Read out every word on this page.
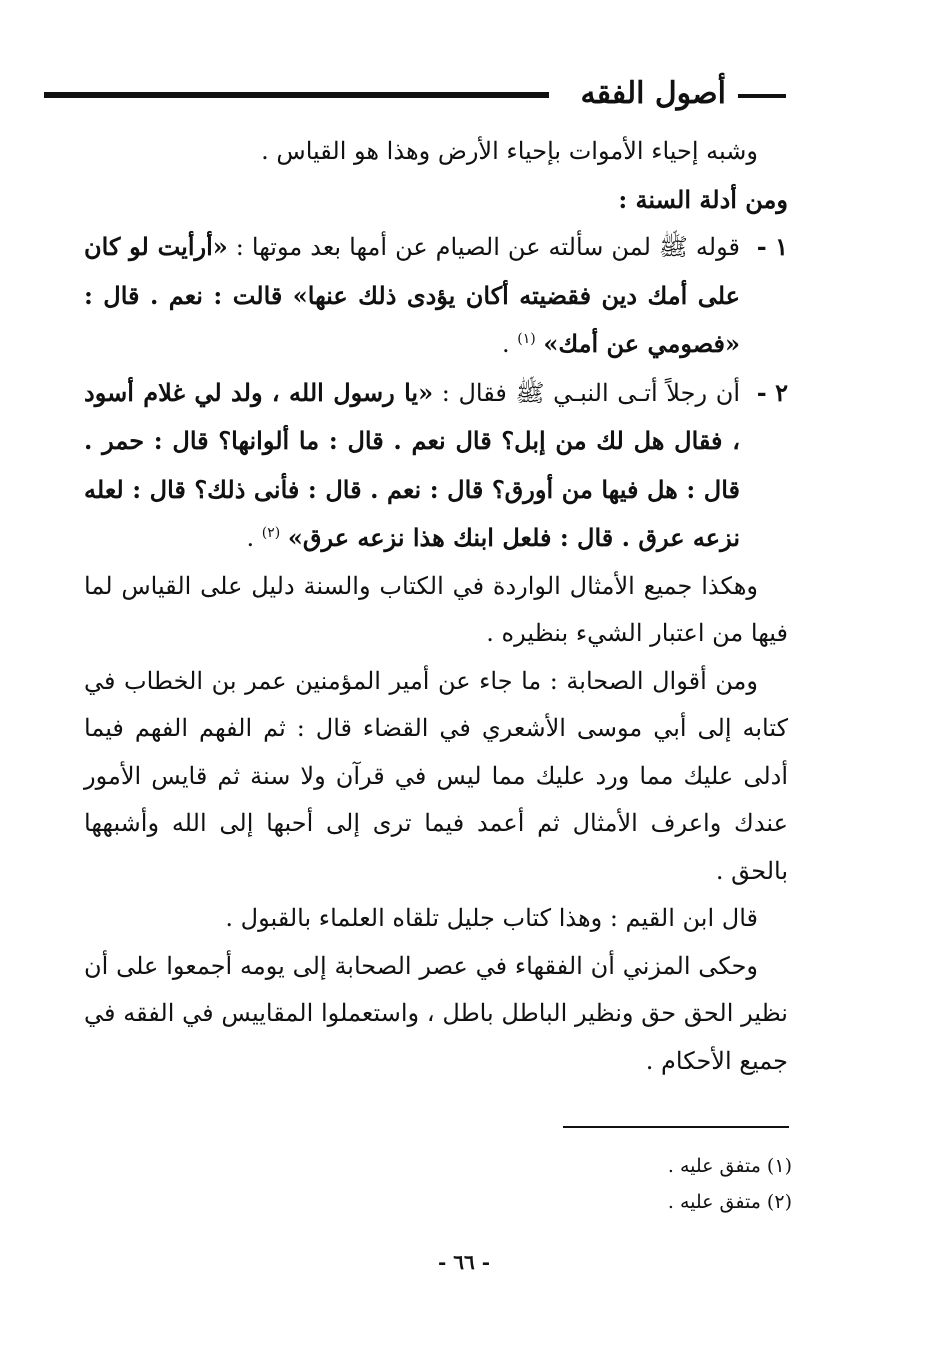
أصول الفقه

وشبه إحياء الأموات بإحياء الأرض وهذا هو القياس .

ومن أدلة السنة :

١ -
قوله ﷺ لمن سألته عن الصيام عن أمها بعد موتها : «أرأيت لو كان على أمك دين فقضيته أكان يؤدى ذلك عنها» قالت : نعم . قال : «فصومي عن أمك» $^{(١)}$ .

٢ -
أن رجلاً أتـى النبـي ﷺ فقال : «يا رسول الله ، ولد لي غلام أسود ، فقال هل لك من إبل؟ قال نعم . قال : ما ألوانها؟ قال : حمر . قال : هل فيها من أورق؟ قال : نعم . قال : فأنى ذلك؟ قال : لعله نزعه عرق . قال : فلعل ابنك هذا نزعه عرق» $^{(٢)}$ .

وهكذا جميع الأمثال الواردة في الكتاب والسنة دليل على القياس لما فيها من اعتبار الشيء بنظيره .

ومن أقوال الصحابة : ما جاء عن أمير المؤمنين عمر بن الخطاب في كتابه إلى أبي موسى الأشعري في القضاء قال : ثم الفهم الفهم فيما أدلى عليك مما ورد عليك مما ليس في قرآن ولا سنة ثم قايس الأمور عندك واعرف الأمثال ثم أعمد فيما ترى إلى أحبها إلى الله وأشبهها بالحق .

قال ابن القيم : وهذا كتاب جليل تلقاه العلماء بالقبول .

وحكى المزني أن الفقهاء في عصر الصحابة إلى يومه أجمعوا على أن نظير الحق حق ونظير الباطل باطل ، واستعملوا المقاييس في الفقه في جميع الأحكام .

(١) متفق عليه .

(٢) متفق عليه .

- ٦٦ -
